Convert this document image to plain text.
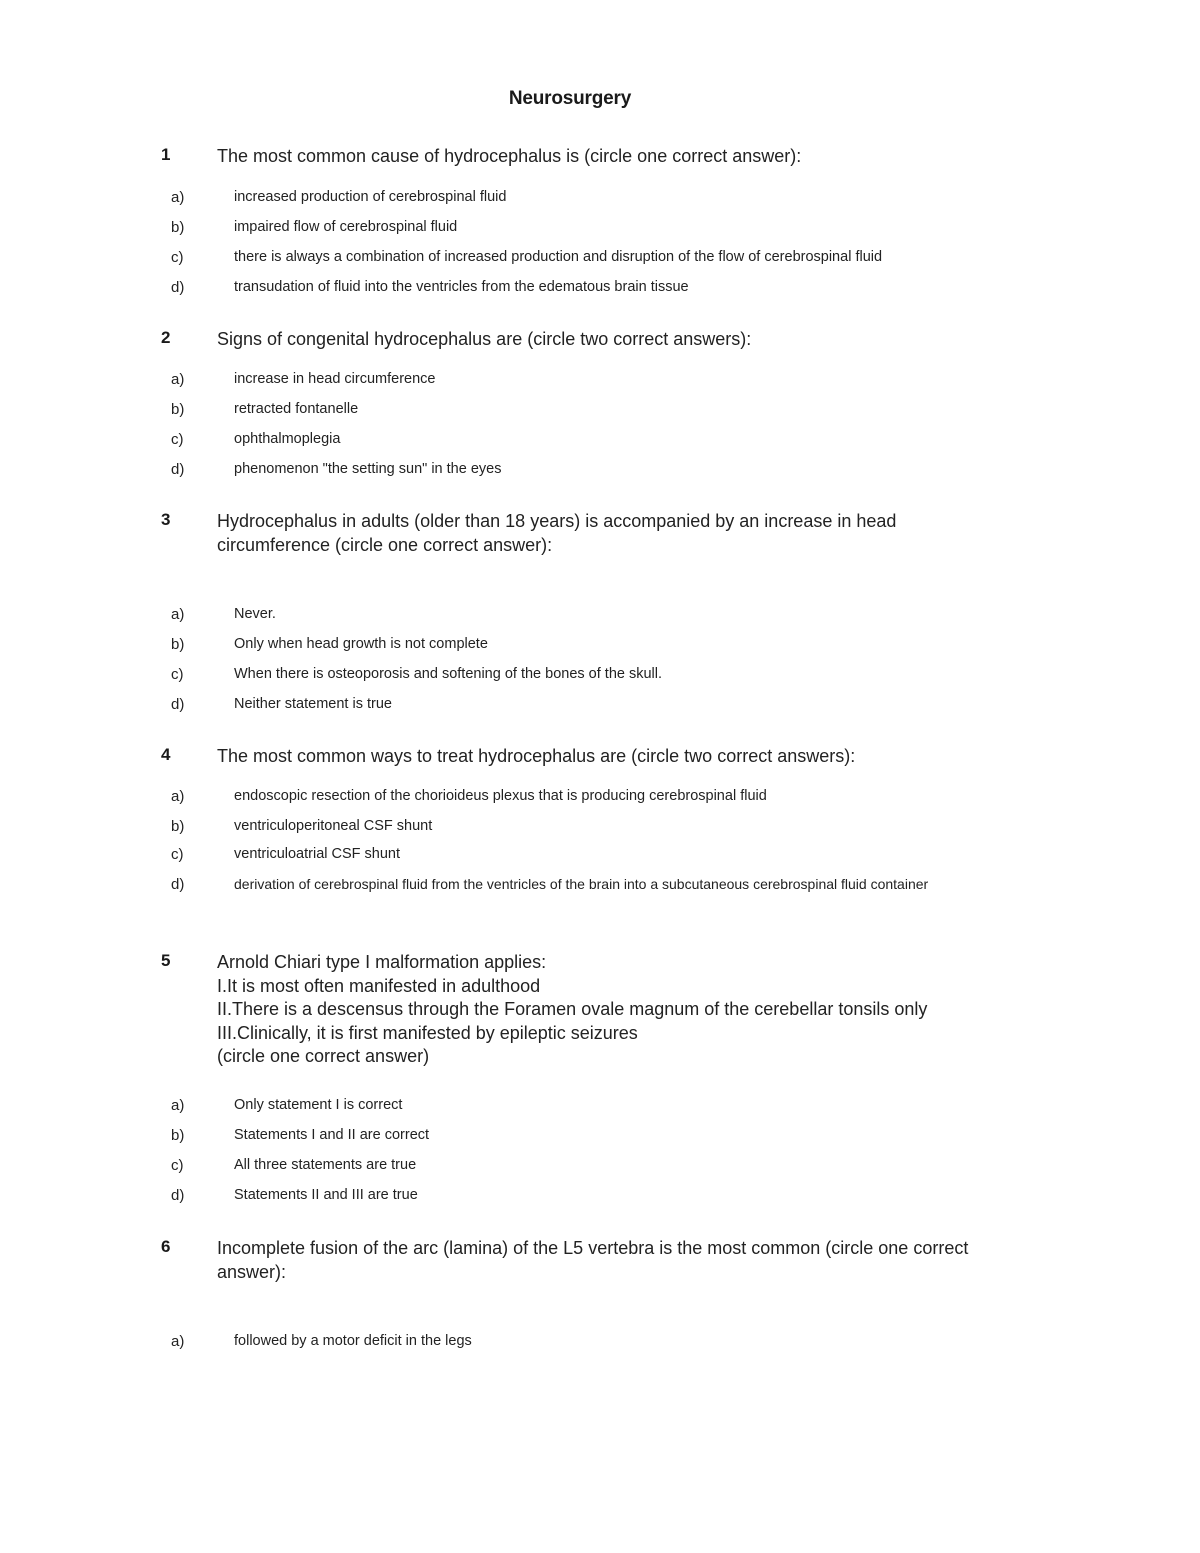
Neurosurgery
1	The most common cause of hydrocephalus is (circle one correct answer):
a)	increased production of cerebrospinal fluid
b)	impaired flow of cerebrospinal fluid
c)	there is always a combination of increased production and disruption of the flow of cerebrospinal fluid
d)	transudation of fluid into the ventricles from the edematous brain tissue
2	Signs of congenital hydrocephalus are (circle two correct answers):
a)	increase in head circumference
b)	retracted fontanelle
c)	ophthalmoplegia
d)	phenomenon "the setting sun" in the eyes
3	Hydrocephalus in adults (older than 18 years) is accompanied by an increase in head
circumference (circle one correct answer):
a)	Never.
b)	Only when head growth is not complete
c)	When there is osteoporosis and softening of the bones of the skull.
d)	Neither statement is true
4	The most common ways to treat hydrocephalus are (circle two correct answers):
a)	endoscopic resection of the chorioideus plexus that is producing cerebrospinal fluid
b)	ventriculoperitoneal CSF shunt
c)	ventriculoatrial CSF shunt
d)	derivation of cerebrospinal fluid from the ventricles of the brain into a subcutaneous cerebrospinal fluid container
5	Arnold Chiari type I malformation applies:
I.It is most often manifested in adulthood
II.There is a descensus through the Foramen ovale magnum of the cerebellar tonsils only
III.Clinically, it is first manifested by epileptic seizures
(circle one correct answer)
a)	Only statement I is correct
b)	Statements I and II are correct
c)	All three statements are true
d)	Statements II and III are true
6	Incomplete fusion of the arc (lamina) of the L5 vertebra is the most common (circle one correct
answer):
a)	followed by a motor deficit in the legs
